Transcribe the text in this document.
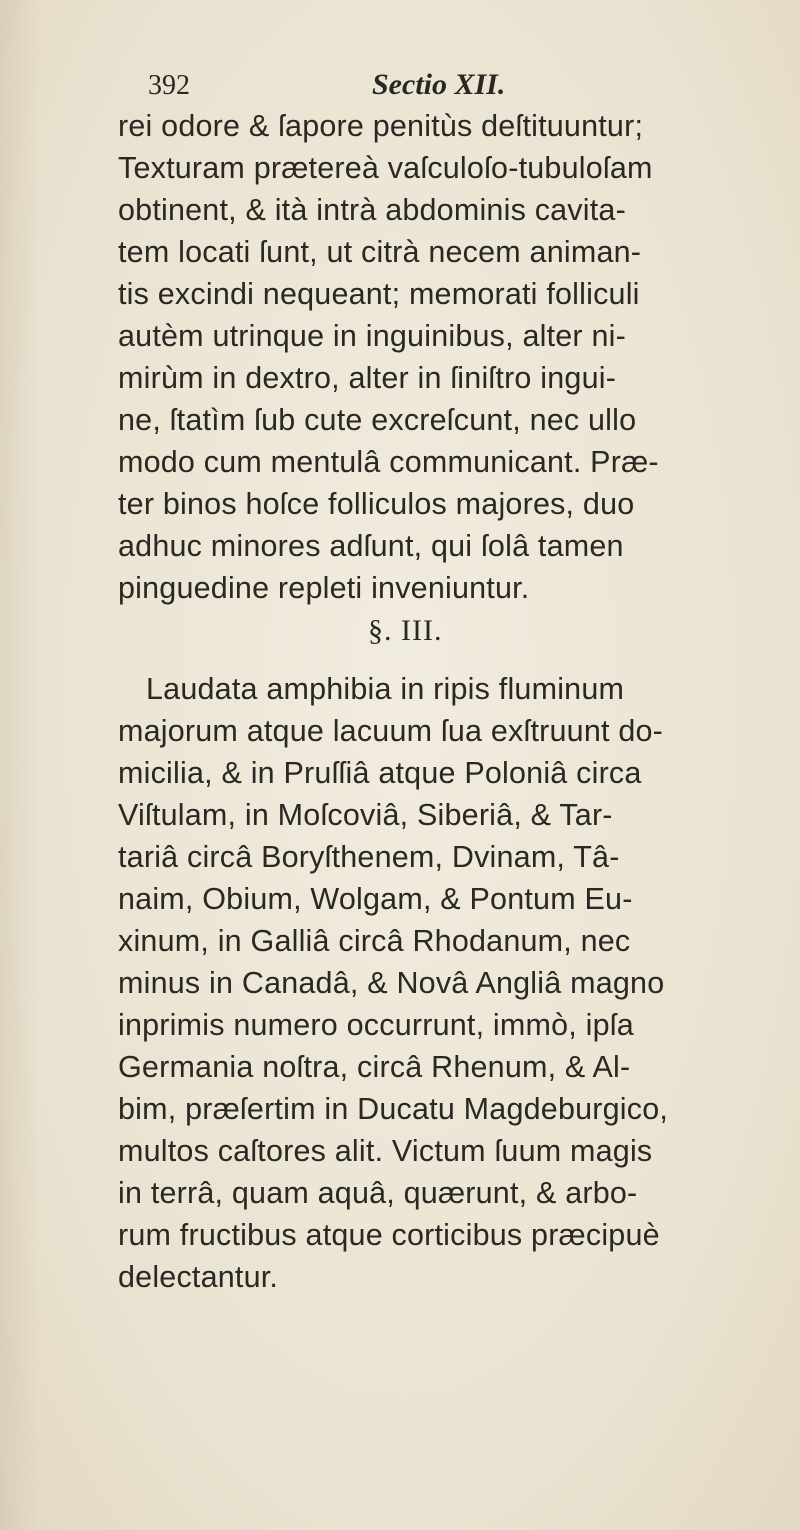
392	Sectio XII.
rei odore & ſapore penitùs deſtituuntur;
Texturam prætereà vaſculoſo-tubuloſam
obtinent, & ità intrà abdominis cavita-
tem locati ſunt, ut citrà necem animan-
tis excindi nequeant; memorati folliculi
autèm utrinque in inguinibus, alter ni-
mirùm in dextro, alter in ſiniſtro ingui-
ne, ſtatìm ſub cute excreſcunt, nec ullo
modo cum mentulâ communicant. Præ-
ter binos hoſce folliculos majores, duo
adhuc minores adſunt, qui ſolâ tamen
pinguedine repleti inveniuntur.
§. III.
Laudata amphibia in ripis fluminum
majorum atque lacuum ſua exſtruunt do-
micilia, & in Pruſſiâ atque Poloniâ circa
Viſtulam, in Moſcoviâ, Siberiâ, & Tar-
tariâ circâ Boryſthenem, Dvinam, Tâ-
naim, Obium, Wolgam, & Pontum Eu-
xinum, in Galliâ circâ Rhodanum, nec
minus in Canadâ, & Novâ Angliâ magno
inprimis numero occurrunt, immò, ipſa
Germania noſtra, circâ Rhenum, & Al-
bim, præſertim in Ducatu Magdeburgico,
multos caſtores alit. Victum ſuum magis
in terrâ, quam aquâ, quærunt, & arbo-
rum fructibus atque corticibus præcipuè
delectantur.
